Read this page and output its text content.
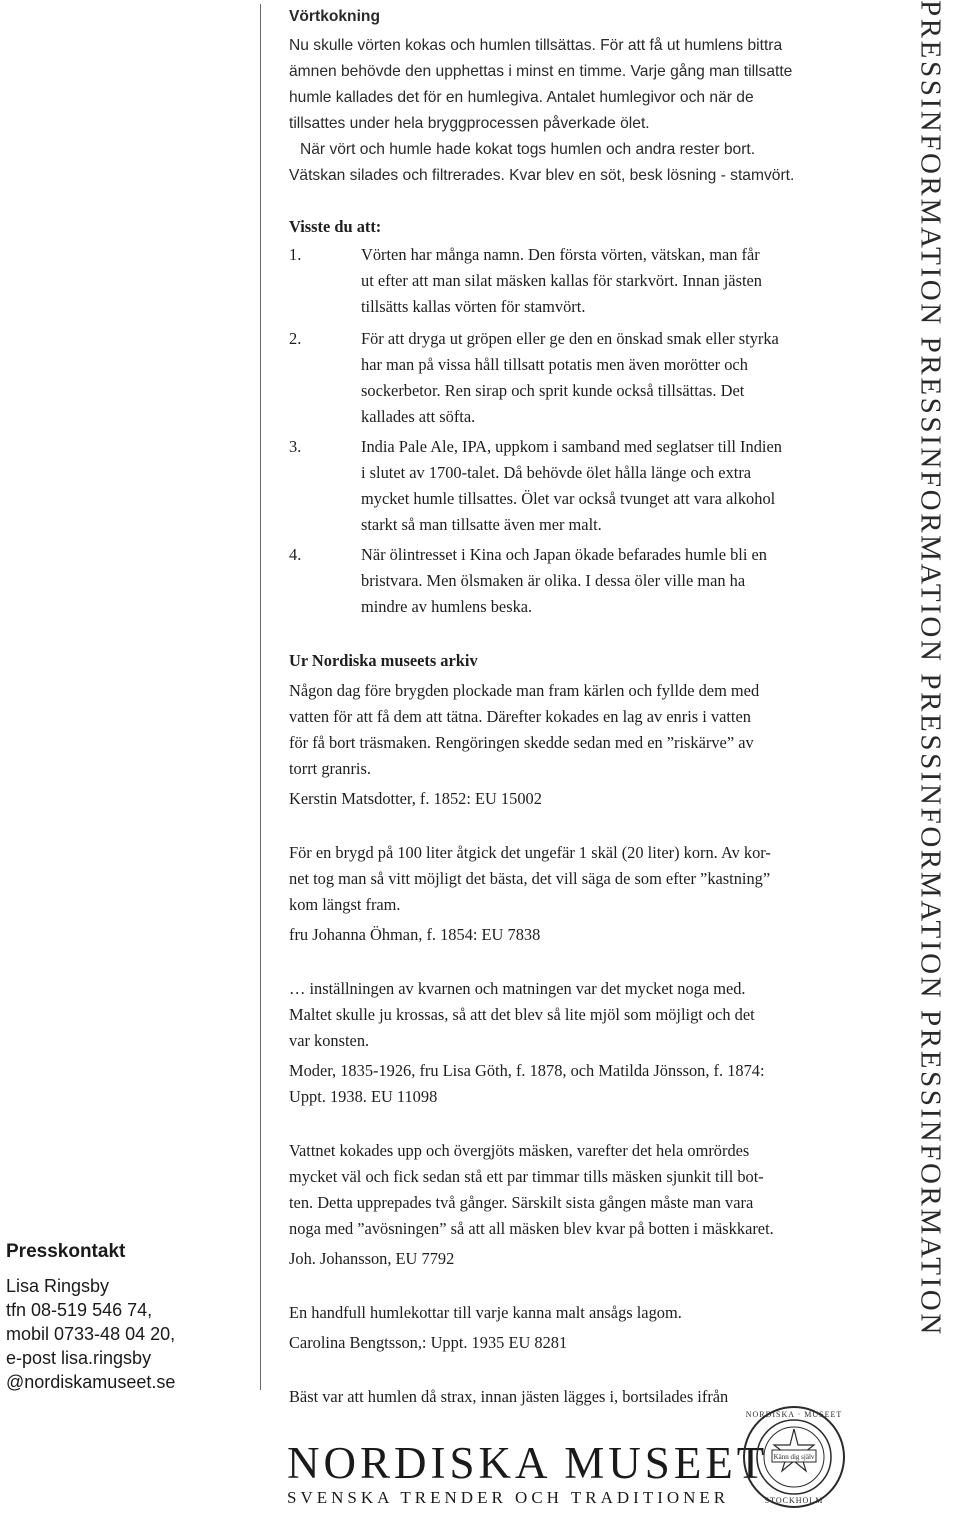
Presskontakt
Lisa Ringsby
tfn 08-519 546 74,
mobil 0733-48 04 20,
e-post lisa.ringsby
@nordiskamuseet.se
PRESSINFORMATION PRESSINFORMATION PRESSINFORMATION PRESSINFORMATION

Vörtkokning

Nu skulle vörten kokas och humlen tillsättas. För att få ut humlens bittra

ämnen behövde den upphettas i minst en timme. Varje gång man tillsatte

humle kallades det för en humlegiva. Antalet humlegivor och när de

tillsattes under hela bryggprocessen påverkade ölet.

När vört och humle hade kokat togs humlen och andra rester bort.

Vätskan silades och filtrerades. Kvar blev en söt, besk lösning - stamvört.

Visste du att:

1.	Vörten har många namn. Den första vörten, vätskan, man får
ut efter att man silat mäsken kallas för starkvört. Innan jästen
tillsätts kallas vörten för stamvört.
2.	För att dryga ut gröpen eller ge den en önskad smak eller styrka
har man på vissa håll tillsatt potatis men även morötter och
sockerbetor. Ren sirap och sprit kunde också tillsättas. Det
kallades att söfta.
3.	India Pale Ale, IPA, uppkom i samband med seglatser till Indien
i slutet av 1700-talet. Då behövde ölet hålla länge och extra
mycket humle tillsattes. Ölet var också tvunget att vara alkohol
starkt så man tillsatte även mer malt.
4.	När ölintresset i Kina och Japan ökade befarades humle bli en
bristvara. Men ölsmaken är olika. I dessa öler ville man ha
mindre av humlens beska.

Ur Nordiska museets arkiv

Någon dag före brygden plockade man fram kärlen och fyllde dem med

vatten för att få dem att tätna. Därefter kokades en lag av enris i vatten

för få bort träsmaken. Rengöringen skedde sedan med en ”riskärve” av

torrt granris.

Kerstin Matsdotter, f. 1852: EU 15002

För en brygd på 100 liter åtgick det ungefär 1 skäl (20 liter) korn. Av kor-

net tog man så vitt möjligt det bästa, det vill säga de som efter ”kastning”

kom längst fram.

fru Johanna Öhman, f. 1854: EU 7838

… inställningen av kvarnen och matningen var det mycket noga med.

Maltet skulle ju krossas, så att det blev så lite mjöl som möjligt och det

var konsten.

Moder, 1835-1926, fru Lisa Göth, f. 1878, och Matilda Jönsson, f. 1874:

Uppt. 1938. EU 11098

Vattnet kokades upp och övergjöts mäsken, varefter det hela omrördes

mycket väl och fick sedan stå ett par timmar tills mäsken sjunkit till bot-

ten. Detta upprepades två gånger. Särskilt sista gången måste man vara

noga med ”avösningen” så att all mäsken blev kvar på botten i mäskkaret.

Joh. Johansson, EU 7792

En handfull humlekottar till varje kanna malt ansågs lagom.

Carolina Bengtsson,: Uppt. 1935 EU 8281

Bäst var att humlen då strax, innan jästen lägges i, bortsilades ifrån

NORDISKA MUSEET
SVENSKA TRENDER OCH TRADITIONER
Känn dig själv
NORDISKA · MUSEET
STOCKHOLM
